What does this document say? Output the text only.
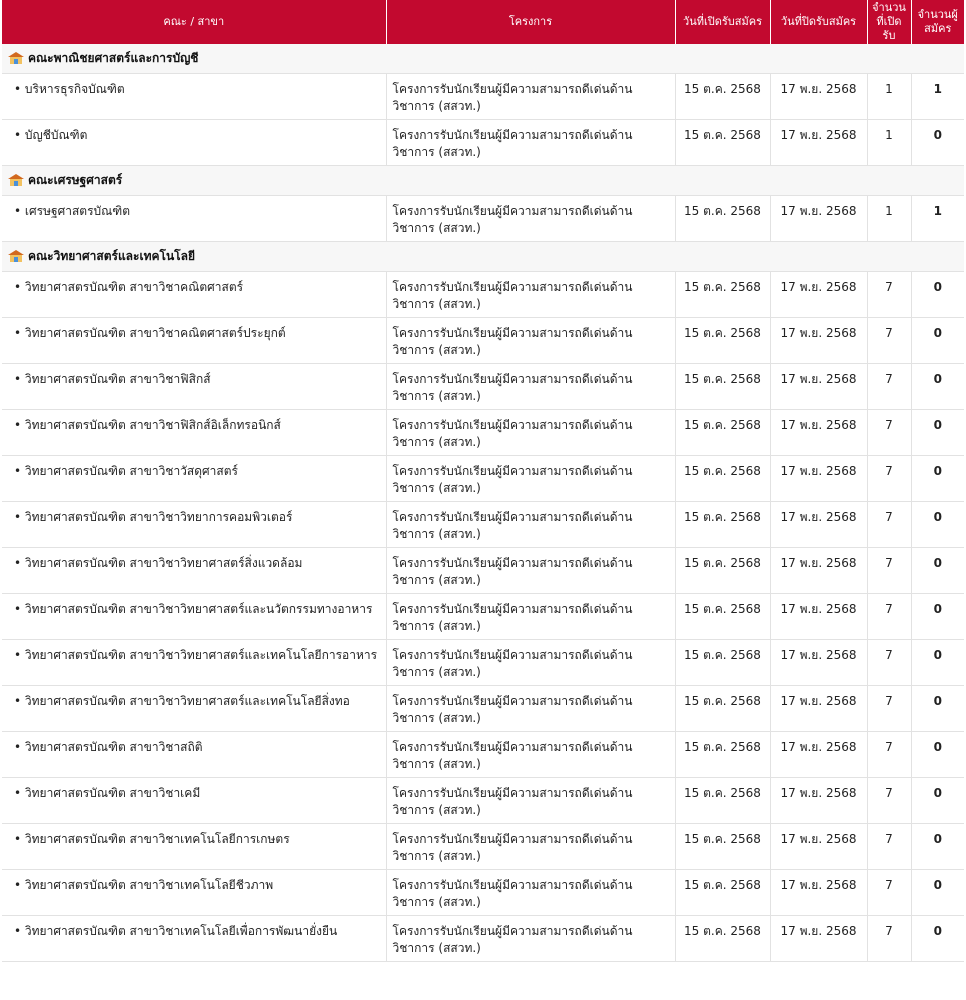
คณะ / สาขา	โครงการ	วันที่เปิดรับสมัคร	วันที่ปิดรับสมัคร	จำนวนที่เปิดรับ	จำนวนผู้สมัคร

คณะพาณิชยศาสตร์และการบัญชี					
• บริหารธุรกิจบัณฑิต	โครงการรับนักเรียนผู้มีความสามารถดีเด่นด้านวิชาการ (สสวท.)	15 ต.ค. 2568	17 พ.ย. 2568	1	1
• บัญชีบัณฑิต	โครงการรับนักเรียนผู้มีความสามารถดีเด่นด้านวิชาการ (สสวท.)	15 ต.ค. 2568	17 พ.ย. 2568	1	0

คณะเศรษฐศาสตร์					
• เศรษฐศาสตรบัณฑิต	โครงการรับนักเรียนผู้มีความสามารถดีเด่นด้านวิชาการ (สสวท.)	15 ต.ค. 2568	17 พ.ย. 2568	1	1

คณะวิทยาศาสตร์และเทคโนโลยี					
• วิทยาศาสตรบัณฑิต สาขาวิชาคณิตศาสตร์	โครงการรับนักเรียนผู้มีความสามารถดีเด่นด้านวิชาการ (สสวท.)	15 ต.ค. 2568	17 พ.ย. 2568	7	0
• วิทยาศาสตรบัณฑิต สาขาวิชาคณิตศาสตร์ประยุกต์	โครงการรับนักเรียนผู้มีความสามารถดีเด่นด้านวิชาการ (สสวท.)	15 ต.ค. 2568	17 พ.ย. 2568	7	0
• วิทยาศาสตรบัณฑิต สาขาวิชาฟิสิกส์	โครงการรับนักเรียนผู้มีความสามารถดีเด่นด้านวิชาการ (สสวท.)	15 ต.ค. 2568	17 พ.ย. 2568	7	0
• วิทยาศาสตรบัณฑิต สาขาวิชาฟิสิกส์อิเล็กทรอนิกส์	โครงการรับนักเรียนผู้มีความสามารถดีเด่นด้านวิชาการ (สสวท.)	15 ต.ค. 2568	17 พ.ย. 2568	7	0
• วิทยาศาสตรบัณฑิต สาขาวิชาวัสดุศาสตร์	โครงการรับนักเรียนผู้มีความสามารถดีเด่นด้านวิชาการ (สสวท.)	15 ต.ค. 2568	17 พ.ย. 2568	7	0
• วิทยาศาสตรบัณฑิต สาขาวิชาวิทยาการคอมพิวเตอร์	โครงการรับนักเรียนผู้มีความสามารถดีเด่นด้านวิชาการ (สสวท.)	15 ต.ค. 2568	17 พ.ย. 2568	7	0
• วิทยาศาสตรบัณฑิต สาขาวิชาวิทยาศาสตร์สิ่งแวดล้อม	โครงการรับนักเรียนผู้มีความสามารถดีเด่นด้านวิชาการ (สสวท.)	15 ต.ค. 2568	17 พ.ย. 2568	7	0
• วิทยาศาสตรบัณฑิต สาขาวิชาวิทยาศาสตร์และนวัตกรรมทางอาหาร	โครงการรับนักเรียนผู้มีความสามารถดีเด่นด้านวิชาการ (สสวท.)	15 ต.ค. 2568	17 พ.ย. 2568	7	0
• วิทยาศาสตรบัณฑิต สาขาวิชาวิทยาศาสตร์และเทคโนโลยีการอาหาร	โครงการรับนักเรียนผู้มีความสามารถดีเด่นด้านวิชาการ (สสวท.)	15 ต.ค. 2568	17 พ.ย. 2568	7	0
• วิทยาศาสตรบัณฑิต สาขาวิชาวิทยาศาสตร์และเทคโนโลยีสิ่งทอ	โครงการรับนักเรียนผู้มีความสามารถดีเด่นด้านวิชาการ (สสวท.)	15 ต.ค. 2568	17 พ.ย. 2568	7	0
• วิทยาศาสตรบัณฑิต สาขาวิชาสถิติ	โครงการรับนักเรียนผู้มีความสามารถดีเด่นด้านวิชาการ (สสวท.)	15 ต.ค. 2568	17 พ.ย. 2568	7	0
• วิทยาศาสตรบัณฑิต สาขาวิชาเคมี	โครงการรับนักเรียนผู้มีความสามารถดีเด่นด้านวิชาการ (สสวท.)	15 ต.ค. 2568	17 พ.ย. 2568	7	0
• วิทยาศาสตรบัณฑิต สาขาวิชาเทคโนโลยีการเกษตร	โครงการรับนักเรียนผู้มีความสามารถดีเด่นด้านวิชาการ (สสวท.)	15 ต.ค. 2568	17 พ.ย. 2568	7	0
• วิทยาศาสตรบัณฑิต สาขาวิชาเทคโนโลยีชีวภาพ	โครงการรับนักเรียนผู้มีความสามารถดีเด่นด้านวิชาการ (สสวท.)	15 ต.ค. 2568	17 พ.ย. 2568	7	0
• วิทยาศาสตรบัณฑิต สาขาวิชาเทคโนโลยีเพื่อการพัฒนายั่งยืน	โครงการรับนักเรียนผู้มีความสามารถดีเด่นด้านวิชาการ (สสวท.)	15 ต.ค. 2568	17 พ.ย. 2568	7	0
